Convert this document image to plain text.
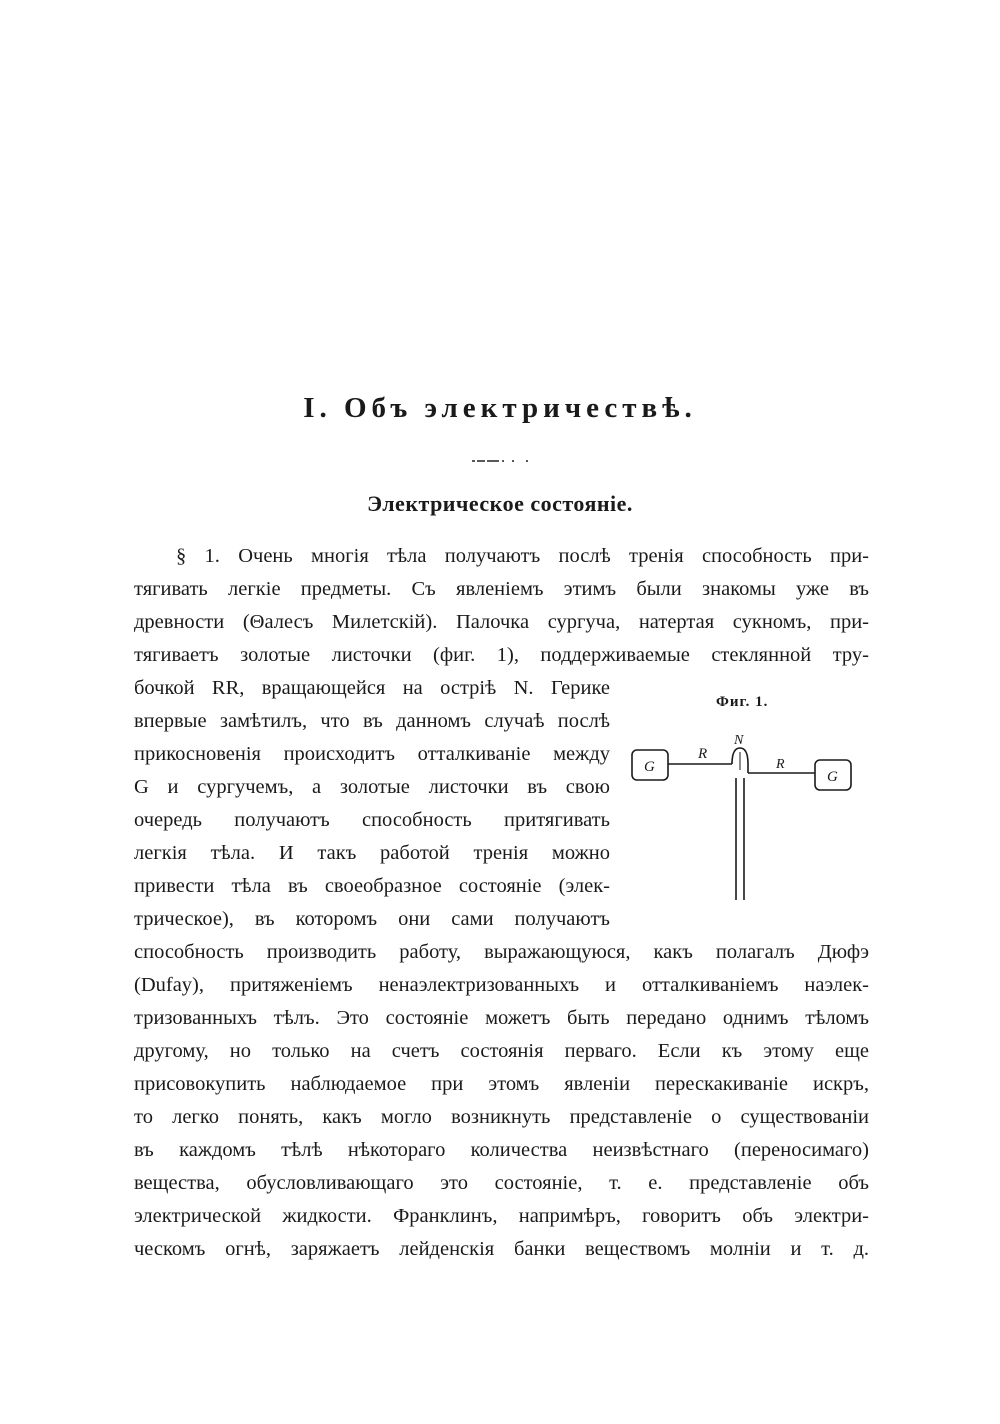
I. Объ электричествѣ.
Электрическое состояніе.
§ 1. Очень многія тѣла получаютъ послѣ тренія способность при-
тягивать легкіе предметы. Съ явленіемъ этимъ были знакомы уже въ
древности (Θалесъ Милетскій). Палочка сургуча, натертая сукномъ, при-
тягиваетъ золотые листочки (фиг. 1), поддерживаемые стеклянной тру-
бочкой RR, вращающейся на остріѣ N. Герике
впервые замѣтилъ, что въ данномъ случаѣ послѣ
прикосновенія происходитъ отталкиваніе между
G и сургучемъ, а золотые листочки въ свою
очередь получаютъ способность притягивать
легкія тѣла. И такъ работой тренія можно
привести тѣла въ своеобразное состояніе (элек-
трическое), въ которомъ они сами получаютъ
способность производить работу, выражающуюся, какъ полагалъ Дюфэ
(Dufay), притяженіемъ ненаэлектризованныхъ и отталкиваніемъ наэлек-
тризованныхъ тѣлъ. Это состояніе можетъ быть передано однимъ тѣломъ
другому, но только на счетъ состоянія перваго. Если къ этому еще
присовокупить наблюдаемое при этомъ явленіи перескакиваніе искръ,
то легко понять, какъ могло возникнуть представленіе о существованіи
въ каждомъ тѣлѣ нѣкотораго количества неизвѣстнаго (переносимаго)
вещества, обусловливающаго это состояніе, т. е. представленіе объ
электрической жидкости. Франклинъ, напримѣръ, говоритъ объ электри-
ческомъ огнѣ, заряжаетъ лейденскія банки веществомъ молніи и т. д.
Фиг. 1.
G
G
R
R
N
